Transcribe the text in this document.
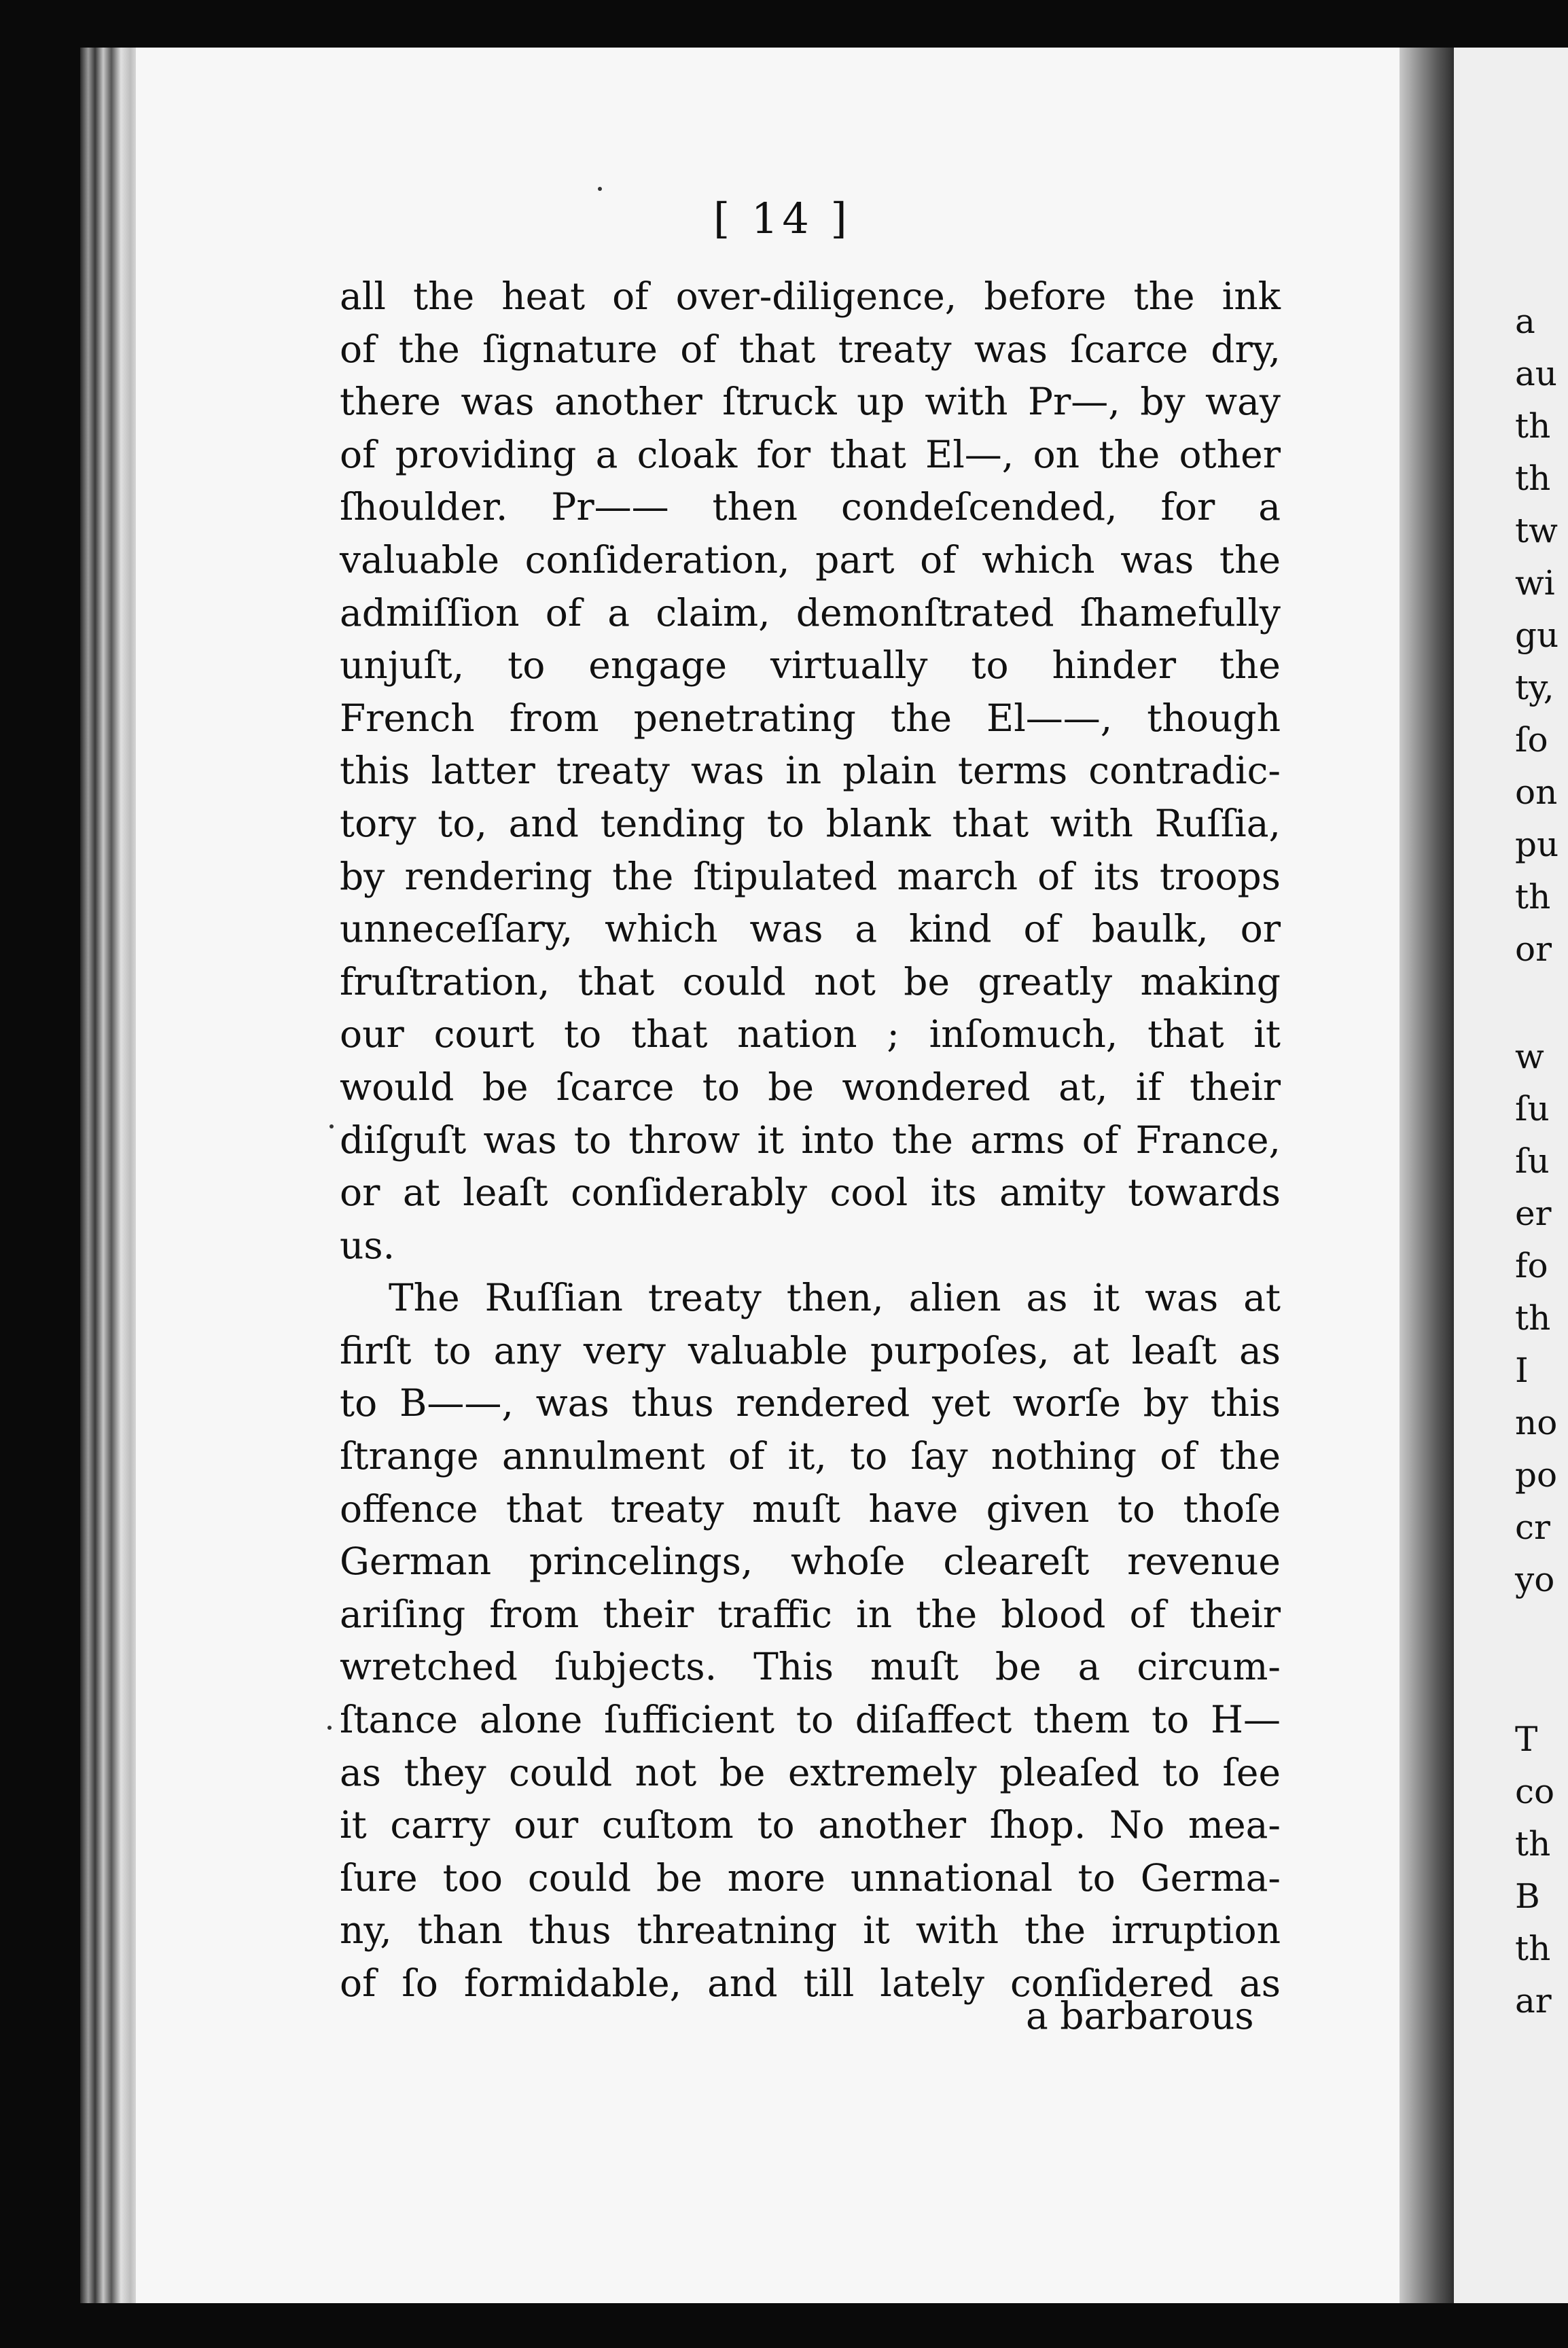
[ 14 ]
all the heat of over-diligence, before the ink
of the ſignature of that treaty was ſcarce dry,
there was another ſtruck up with Pr—, by way
of providing a cloak for that El—, on the other
ſhoulder. Pr—— then condeſcended, for a
valuable conſideration, part of which was the
admiſſion of a claim, demonſtrated ſhamefully
unjuſt, to engage virtually to hinder the
French from penetrating the El——, though
this latter treaty was in plain terms contradic-
tory to, and tending to blank that with Ruſſia,
by rendering the ſtipulated march of its troops
unneceſſary, which was a kind of baulk, or
fruſtration, that could not be greatly making
our court to that nation ; inſomuch, that it
would be ſcarce to be wondered at, if their
diſguſt was to throw it into the arms of France,
or at leaſt conſiderably cool its amity towards
us.
The Ruſſian treaty then, alien as it was at
firſt to any very valuable purpoſes, at leaſt as
to B——, was thus rendered yet worſe by this
ſtrange annulment of it, to ſay nothing of the
offence that treaty muſt have given to thoſe
German princelings, whoſe cleareſt revenue
ariſing from their traffic in the blood of their
wretched ſubjects. This muſt be a circum-
ſtance alone ſufficient to diſaffect them to H—
as they could not be extremely pleaſed to ſee
it carry our cuſtom to another ſhop. No mea-
ſure too could be more unnational to Germa-
ny, than thus threatning it with the irruption
of ſo formidable, and till lately conſidered as
a barbarous
a
au
th
th
tw
wi
gu
ty,
ſo
on
pu
th
or
w
ſu
ſu
er
fo
th
I
no
po
cr
yo
T
co
th
B
th
ar
